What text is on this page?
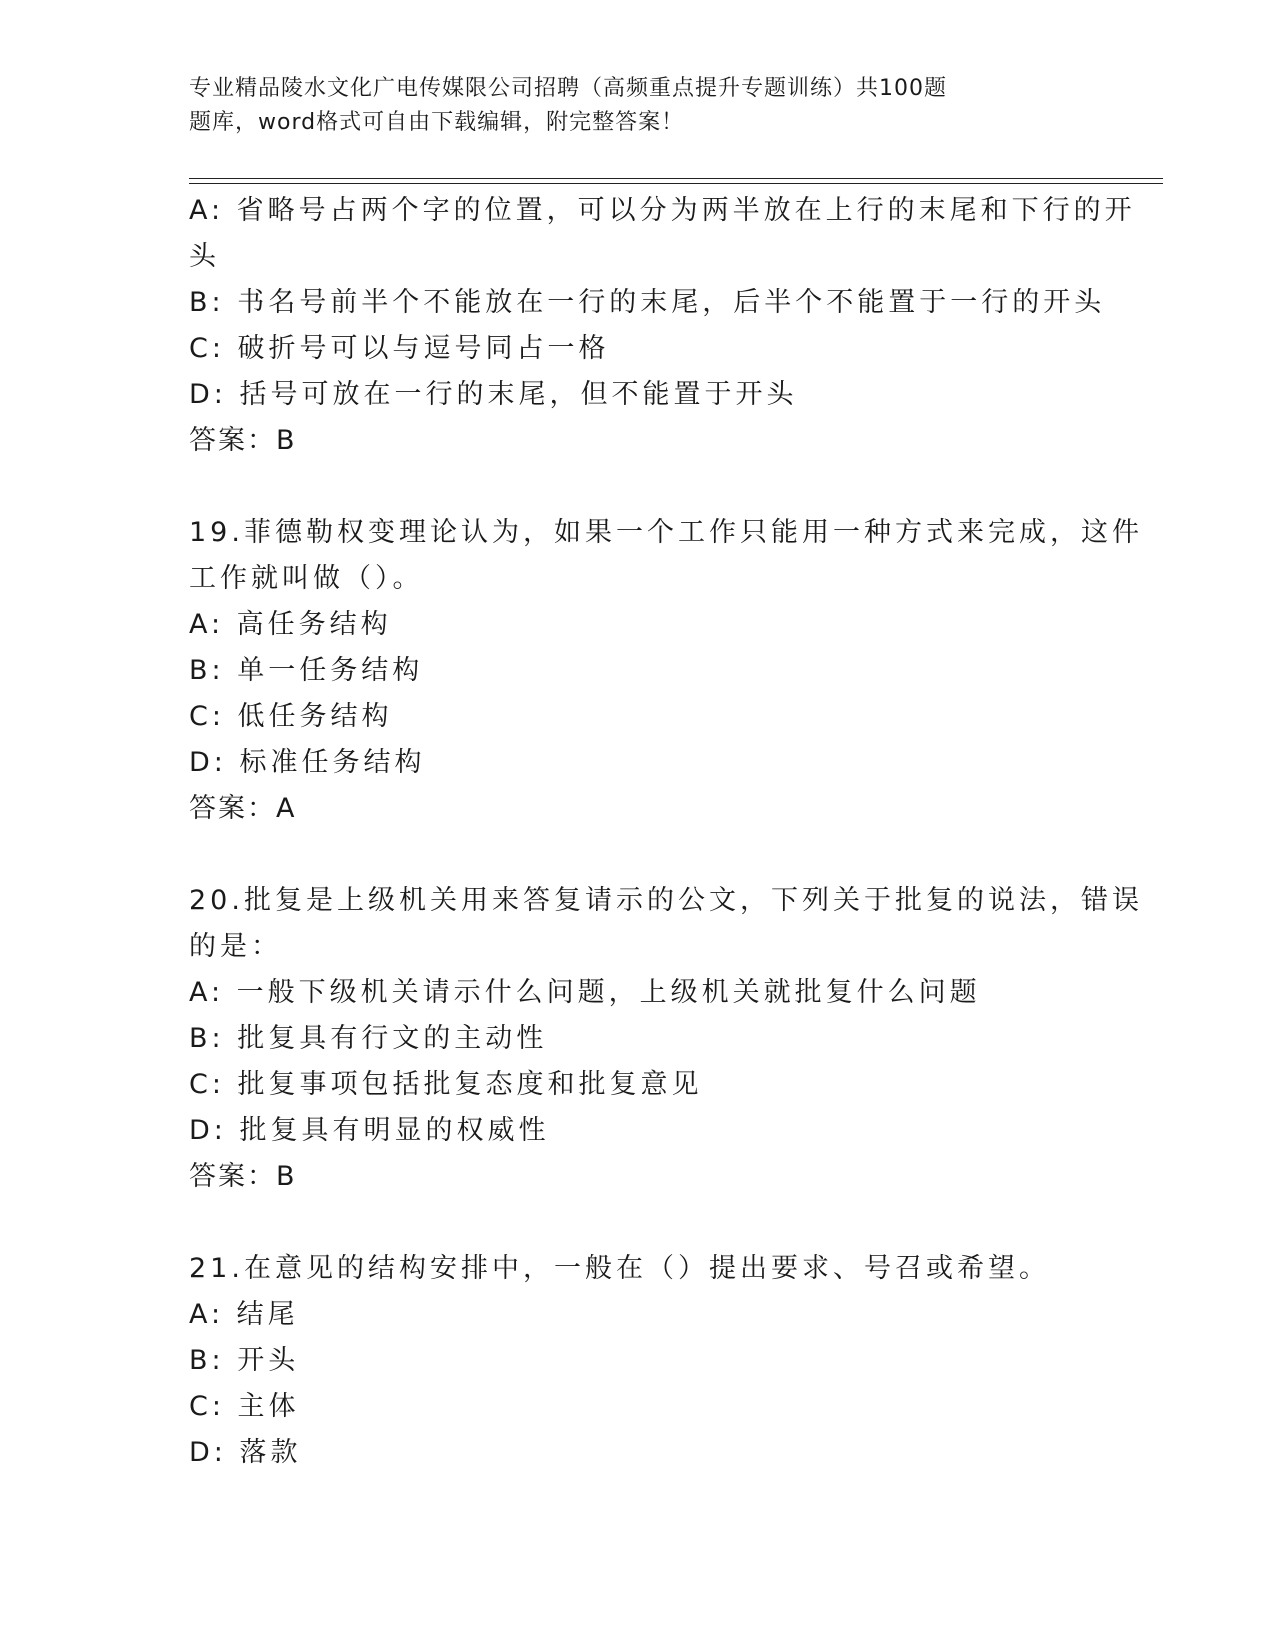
专业精品陵水文化广电传媒限公司招聘（高频重点提升专题训练）共100题
题库，word格式可自由下载编辑，附完整答案！
A: 省略号占两个字的位置，可以分为两半放在上行的末尾和下行的开
头
B: 书名号前半个不能放在一行的末尾，后半个不能置于一行的开头
C: 破折号可以与逗号同占一格
D: 括号可放在一行的末尾，但不能置于开头
答案：B
19.菲德勒权变理论认为，如果一个工作只能用一种方式来完成，这件
工作就叫做（）。
A: 高任务结构
B: 单一任务结构
C: 低任务结构
D: 标准任务结构
答案：A
20.批复是上级机关用来答复请示的公文，下列关于批复的说法，错误
的是：
A: 一般下级机关请示什么问题，上级机关就批复什么问题
B: 批复具有行文的主动性
C: 批复事项包括批复态度和批复意见
D: 批复具有明显的权威性
答案：B
21.在意见的结构安排中，一般在（）提出要求、号召或希望。
A: 结尾
B: 开头
C: 主体
D: 落款
